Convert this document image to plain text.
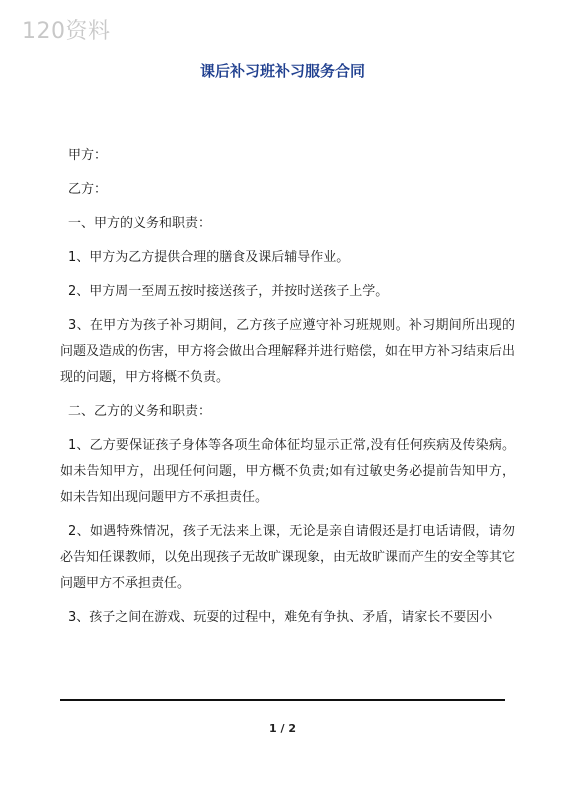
120资料
课后补习班补习服务合同

甲方：

乙方：

一、甲方的义务和职责：

1、甲方为乙方提供合理的膳食及课后辅导作业。

2、甲方周一至周五按时接送孩子，并按时送孩子上学。

3、在甲方为孩子补习期间，乙方孩子应遵守补习班规则。补习期间所出现的问题及造成的伤害，甲方将会做出合理解释并进行赔偿，如在甲方补习结束后出现的问题，甲方将概不负责。

二、乙方的义务和职责：

1、乙方要保证孩子身体等各项生命体征均显示正常,没有任何疾病及传染病。如未告知甲方，出现任何问题，甲方概不负责;如有过敏史务必提前告知甲方，如未告知出现问题甲方不承担责任。

2、如遇特殊情况，孩子无法来上课，无论是亲自请假还是打电话请假，请勿必告知任课教师，以免出现孩子无故旷课现象，由无故旷课而产生的安全等其它问题甲方不承担责任。

3、孩子之间在游戏、玩耍的过程中，难免有争执、矛盾，请家长不要因小

1 / 2
